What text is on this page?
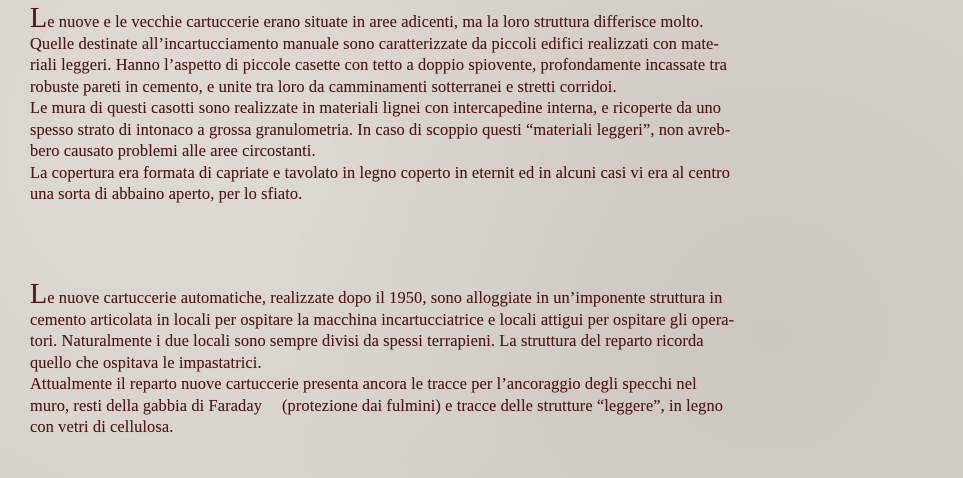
Le nuove e le vecchie cartuccerie erano situate in aree adicenti, ma la loro struttura differisce molto.
Quelle destinate all’incartucciamento manuale sono caratterizzate da piccoli edifici realizzati con mate-
riali leggeri. Hanno l’aspetto di piccole casette con tetto a doppio spiovente, profondamente incassate tra
robuste pareti in cemento, e unite tra loro da camminamenti sotterranei e stretti corridoi.
Le mura di questi casotti sono realizzate in materiali lignei con intercapedine interna, e ricoperte da uno
spesso strato di intonaco a grossa granulometria. In caso di scoppio questi “materiali leggeri”, non avreb-
bero causato problemi alle aree circostanti.
La copertura era formata di capriate e tavolato in legno coperto in eternit ed in alcuni casi vi era al centro
una sorta di abbaino aperto, per lo sfiato.
Le nuove cartuccerie automatiche, realizzate dopo il 1950, sono alloggiate in un’imponente struttura in
cemento articolata in locali per ospitare la macchina incartucciatrice e locali attigui per ospitare gli opera-
tori. Naturalmente i due locali sono sempre divisi da spessi terrapieni. La struttura del reparto ricorda
quello che ospitava le impastatrici.
Attualmente il reparto nuove cartuccerie presenta ancora le tracce per l’ancoraggio degli specchi nel
muro, resti della gabbia di Faraday (protezione dai fulmini) e tracce delle strutture “leggere”, in legno
con vetri di cellulosa.
